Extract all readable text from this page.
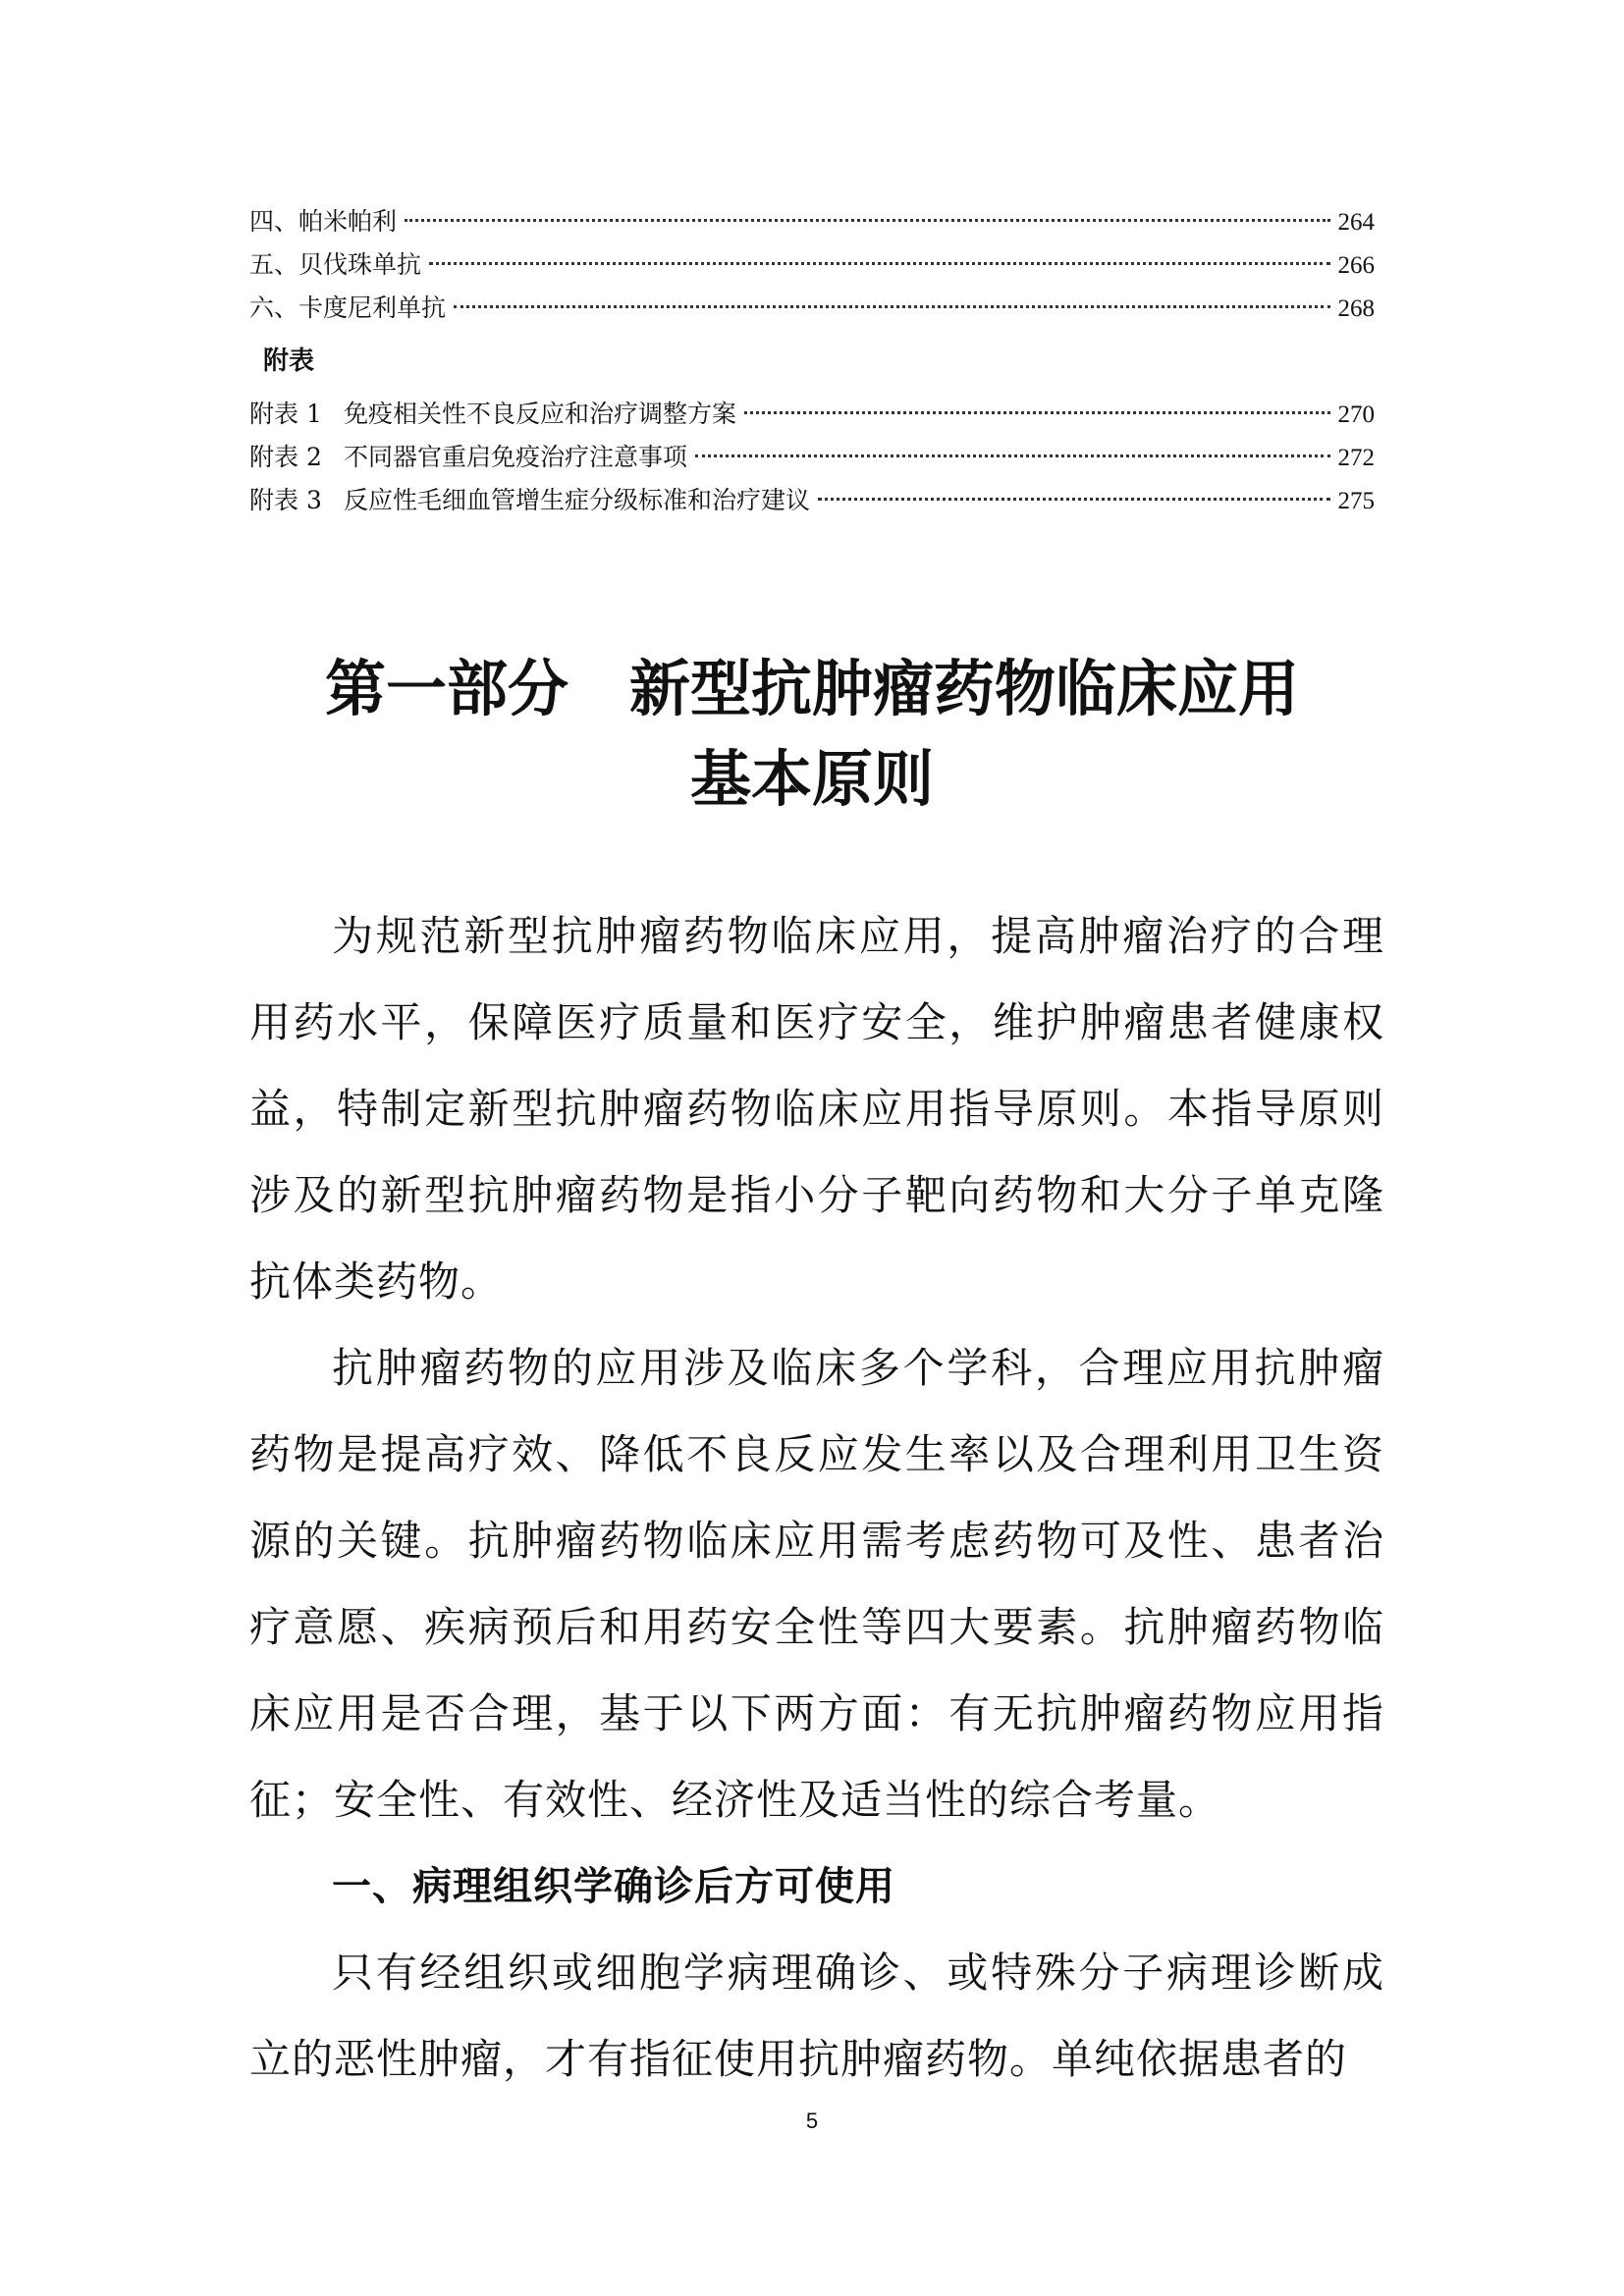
四、帕米帕利	264
五、贝伐珠单抗	266
六、卡度尼利单抗	268
附表
附表 1 免疫相关性不良反应和治疗调整方案	270
附表 2 不同器官重启免疫治疗注意事项	272
附表 3 反应性毛细血管增生症分级标准和治疗建议	275
第一部分 新型抗肿瘤药物临床应用
基本原则

为规范新型抗肿瘤药物临床应用，提高肿瘤治疗的合理用药水平，保障医疗质量和医疗安全，维护肿瘤患者健康权益，特制定新型抗肿瘤药物临床应用指导原则。本指导原则涉及的新型抗肿瘤药物是指小分子靶向药物和大分子单克隆抗体类药物。

抗肿瘤药物的应用涉及临床多个学科，合理应用抗肿瘤药物是提高疗效、降低不良反应发生率以及合理利用卫生资源的关键。抗肿瘤药物临床应用需考虑药物可及性、患者治疗意愿、疾病预后和用药安全性等四大要素。抗肿瘤药物临床应用是否合理，基于以下两方面：有无抗肿瘤药物应用指征；安全性、有效性、经济性及适当性的综合考量。

一、病理组织学确诊后方可使用

只有经组织或细胞学病理确诊、或特殊分子病理诊断成立的恶性肿瘤，才有指征使用抗肿瘤药物。单纯依据患者的

5
